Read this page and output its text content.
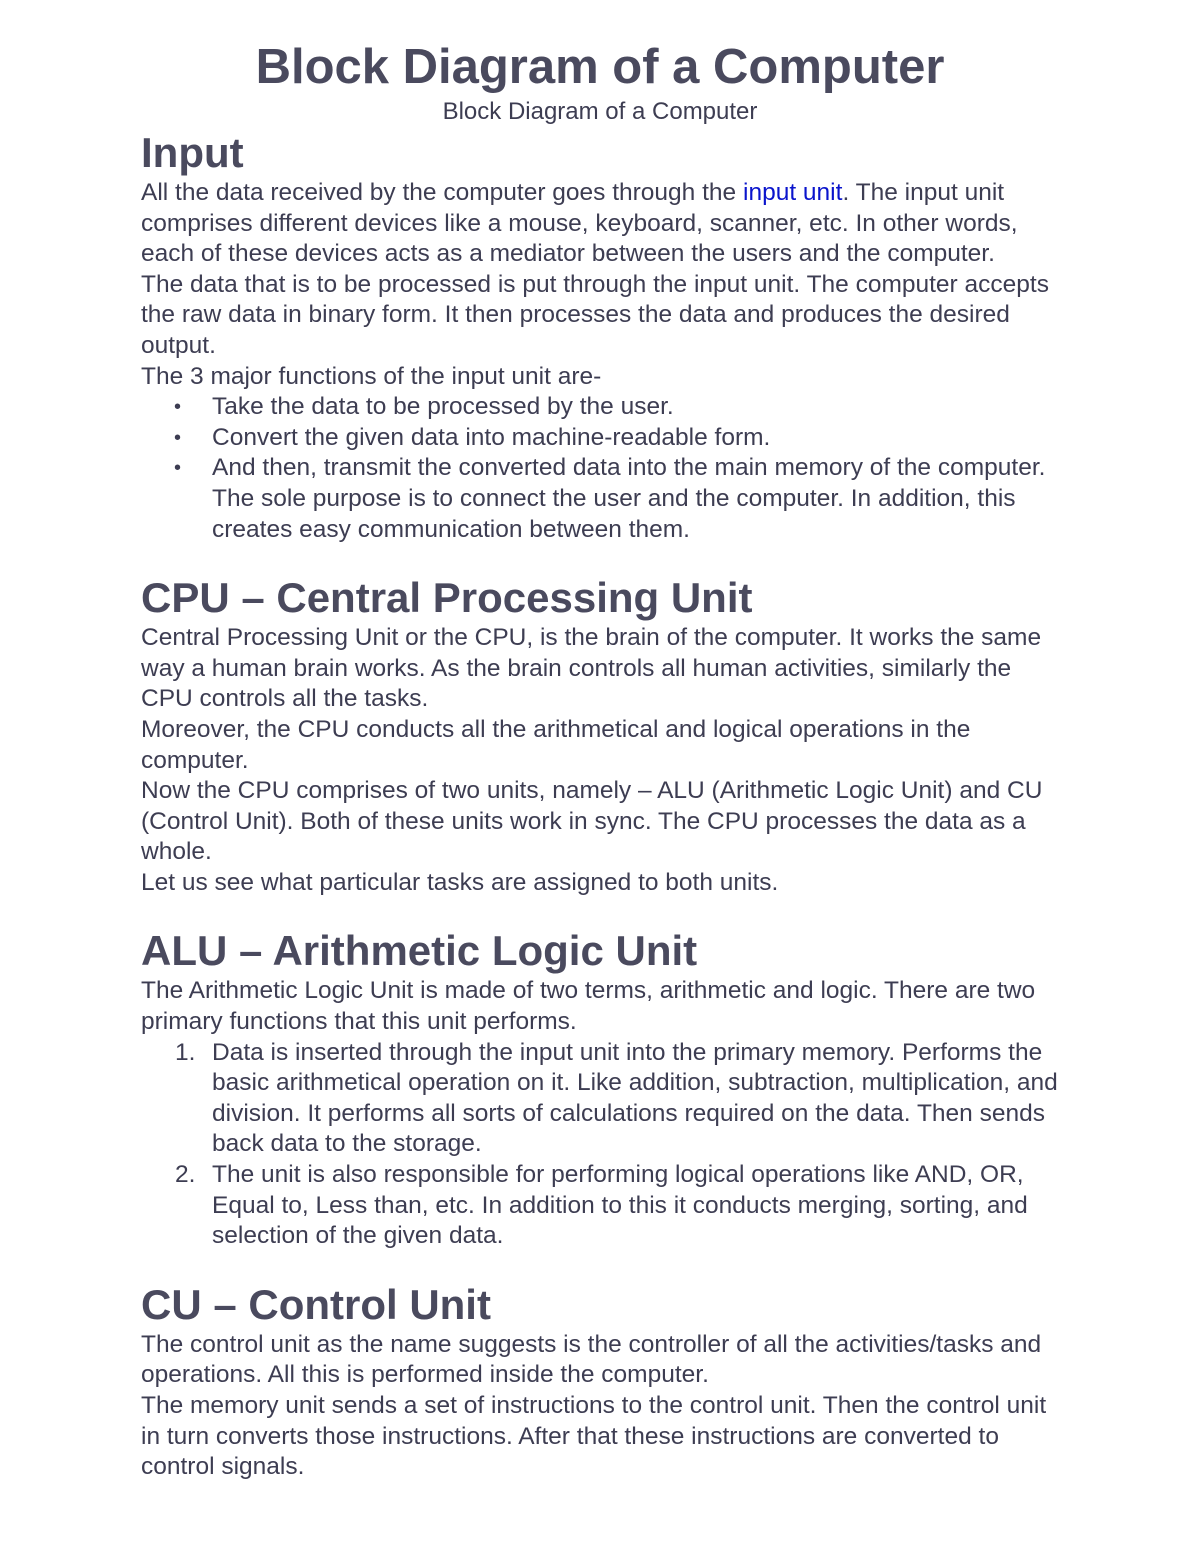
Block Diagram of a Computer
Block Diagram of a Computer
Input

All the data received by the computer goes through the input unit. The input unit comprises different devices like a mouse, keyboard, scanner, etc. In other words, each of these devices acts as a mediator between the users and the computer.

The data that is to be processed is put through the input unit. The computer accepts the raw data in binary form. It then processes the data and produces the desired output.

The 3 major functions of the input unit are-

• Take the data to be processed by the user.
• Convert the given data into machine-readable form.
• And then, transmit the converted data into the main memory of the computer. The sole purpose is to connect the user and the computer. In addition, this creates easy communication between them.
CPU – Central Processing Unit

Central Processing Unit or the CPU, is the brain of the computer. It works the same way a human brain works. As the brain controls all human activities, similarly the CPU controls all the tasks.

Moreover, the CPU conducts all the arithmetical and logical operations in the computer.

Now the CPU comprises of two units, namely – ALU (Arithmetic Logic Unit) and CU (Control Unit). Both of these units work in sync. The CPU processes the data as a whole.

Let us see what particular tasks are assigned to both units.

ALU – Arithmetic Logic Unit

The Arithmetic Logic Unit is made of two terms, arithmetic and logic. There are two primary functions that this unit performs.

1. Data is inserted through the input unit into the primary memory. Performs the basic arithmetical operation on it. Like addition, subtraction, multiplication, and division. It performs all sorts of calculations required on the data. Then sends back data to the storage.
2. The unit is also responsible for performing logical operations like AND, OR, Equal to, Less than, etc. In addition to this it conducts merging, sorting, and selection of the given data.
CU – Control Unit

The control unit as the name suggests is the controller of all the activities/tasks and operations. All this is performed inside the computer.

The memory unit sends a set of instructions to the control unit. Then the control unit in turn converts those instructions. After that these instructions are converted to control signals.
